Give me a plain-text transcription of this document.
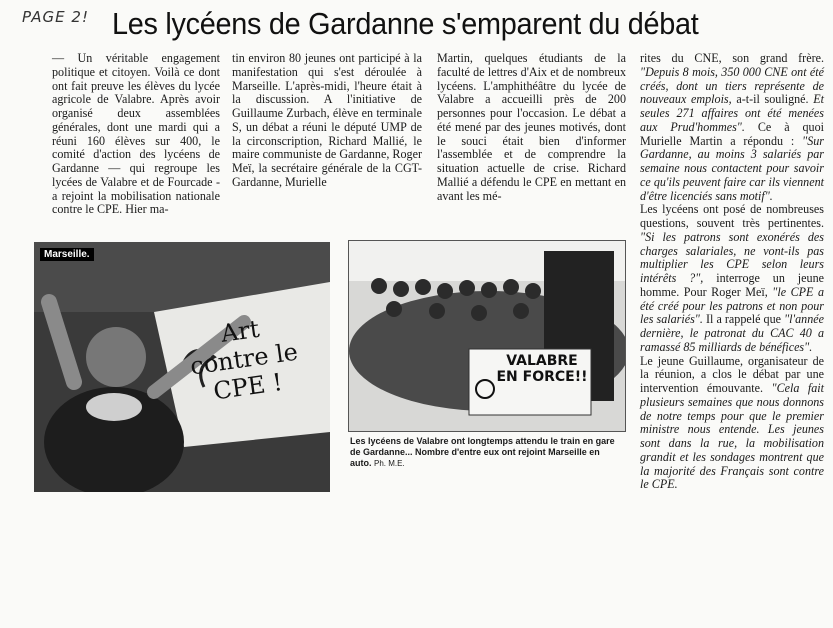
PAGE 2! Les lycéens de Gardanne s'emparent du débat

— Un véritable engagement politique et citoyen. Voilà ce dont ont fait preuve les élèves du lycée agricole de Valabre. Après avoir organisé deux assemblées générales, dont une mardi qui a réuni 160 élèves sur 400, le comité d'action des lycéens de Gardanne — qui regroupe les lycées de Valabre et de Fourcade - a rejoint la mobilisation nationale contre le CPE. Hier ma-

tin environ 80 jeunes ont participé à la manifestation qui s'est déroulée à Marseille. L'après-midi, l'heure était à la discussion. A l'initiative de Guillaume Zurbach, élève en terminale S, un débat a réuni le député UMP de la circonscription, Richard Mallié, le maire communiste de Gardanne, Roger Meï, la secrétaire générale de la CGT-Gardanne, Murielle

Martin, quelques étudiants de la faculté de lettres d'Aix et de nombreux lycéens. L'amphithéâtre du lycée de Valabre a accueilli près de 200 personnes pour l'occasion. Le débat a été mené par des jeunes motivés, dont le souci était bien d'informer l'assemblée et de comprendre la situation actuelle de crise. Richard Mallié a défendu le CPE en mettant en avant les mé-

rites du CNE, son grand frère. "Depuis 8 mois, 350 000 CNE ont été créés, dont un tiers représente de nouveaux emplois, a-t-il souligné. Et seules 271 affaires ont été menées aux Prud'hommes". Ce à quoi Murielle Martin a répondu : "Sur Gardanne, au moins 3 salariés par semaine nous contactent pour savoir ce qu'ils peuvent faire car ils viennent d'être licenciés sans motif".

Les lycéens ont posé de nombreuses questions, souvent très pertinentes. "Si les patrons sont exonérés des charges salariales, ne vont-ils pas multiplier les CPE selon leurs intérêts ?", interroge un jeune homme. Pour Roger Meï, "le CPE a été créé pour les patrons et non pour les salariés". Il a rappelé que "l'année dernière, le patronat du CAC 40 a ramassé 85 milliards de bénéfices".

Le jeune Guillaume, organisateur de la réunion, a clos le débat par une intervention émouvante. "Cela fait plusieurs semaines que nous donnons de notre temps pour que le premier ministre nous entende. Les jeunes sont dans la rue, la mobilisation grandit et les sondages montrent que la majorité des Français sont contre le CPE.

Marseille.
Art contre le CPE !
VALABRE EN FORCE!!
Les lycéens de Valabre ont longtemps attendu le train en gare de Gardanne... Nombre d'entre eux ont rejoint Marseille en auto. Ph. M.E.
